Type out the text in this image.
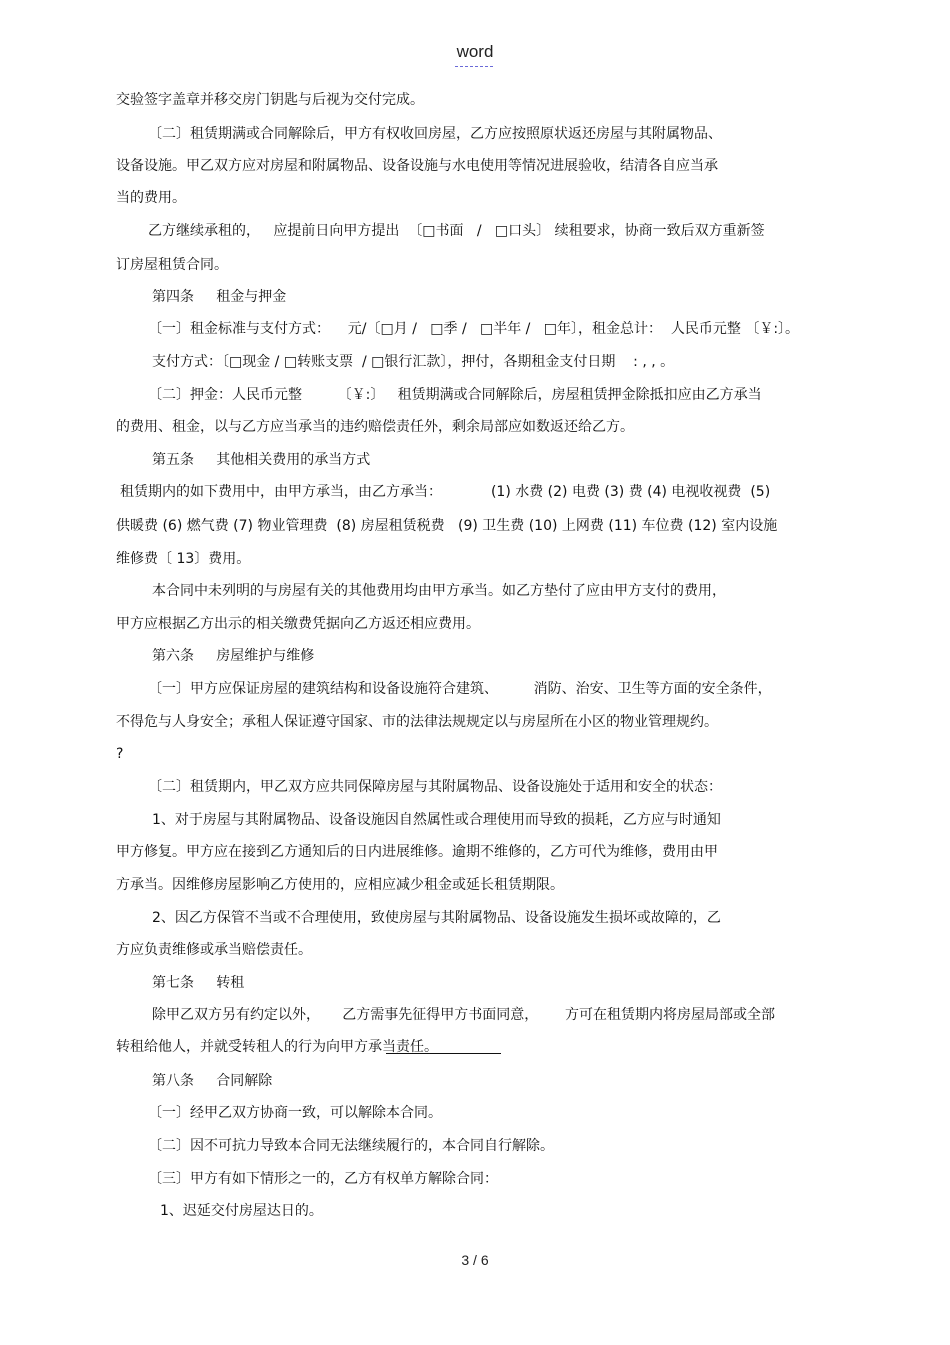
word
交验签字盖章并移交房门钥匙与后视为交付完成。
〔二〕租赁期满或合同解除后，甲方有权收回房屋，乙方应按照原状返还房屋与其附属物品、
设备设施。甲乙双方应对房屋和附属物品、设备设施与水电使用等情况进展验收，结清各自应当承
当的费用。
乙方继续承租的，   应提前日向甲方提出  〔□书面   /   □口头〕 续租要求，协商一致后双方重新签
订房屋租赁合同。
第四条     租金与押金
〔一〕租金标准与支付方式：    元/〔□月 /   □季 /   □半年 /   □年〕，租金总计：  人民币元整 〔￥:〕。
支付方式：〔□现金 / □转账支票  / □银行汇款〕，押付，各期租金支付日期    : , , 。
〔二〕押金：人民币元整        〔￥:〕   租赁期满或合同解除后，房屋租赁押金除抵扣应由乙方承当
的费用、租金，以与乙方应当承当的违约赔偿责任外，剩余局部应如数返还给乙方。
第五条     其他相关费用的承当方式
租赁期内的如下费用中，由甲方承当，由乙方承当：           (1) 水费 (2) 电费 (3) 费 (4) 电视收视费  (5)
供暖费 (6) 燃气费 (7) 物业管理费  (8) 房屋租赁税费   (9) 卫生费 (10) 上网费 (11) 车位费 (12) 室内设施
维修费〔 13〕费用。
本合同中未列明的与房屋有关的其他费用均由甲方承当。如乙方垫付了应由甲方支付的费用，
甲方应根据乙方出示的相关缴费凭据向乙方返还相应费用。
第六条     房屋维护与维修
〔一〕甲方应保证房屋的建筑结构和设备设施符合建筑、        消防、治安、卫生等方面的安全条件，
不得危与人身安全；承租人保证遵守国家、市的法律法规规定以与房屋所在小区的物业管理规约。
?
〔二〕租赁期内，甲乙双方应共同保障房屋与其附属物品、设备设施处于适用和安全的状态：
1、对于房屋与其附属物品、设备设施因自然属性或合理使用而导致的损耗，乙方应与时通知
甲方修复。甲方应在接到乙方通知后的日内进展维修。逾期不维修的，乙方可代为维修，费用由甲
方承当。因维修房屋影响乙方使用的，应相应减少租金或延长租赁期限。
2、因乙方保管不当或不合理使用，致使房屋与其附属物品、设备设施发生损坏或故障的，乙
方应负责维修或承当赔偿责任。
第七条     转租
除甲乙双方另有约定以外，     乙方需事先征得甲方书面同意，      方可在租赁期内将房屋局部或全部
转租给他人，并就受转租人的行为向甲方承当责任。
第八条     合同解除
〔一〕经甲乙双方协商一致，可以解除本合同。
〔二〕因不可抗力导致本合同无法继续履行的，本合同自行解除。
〔三〕甲方有如下情形之一的，乙方有权单方解除合同：
1、迟延交付房屋达日的。
3 / 6
